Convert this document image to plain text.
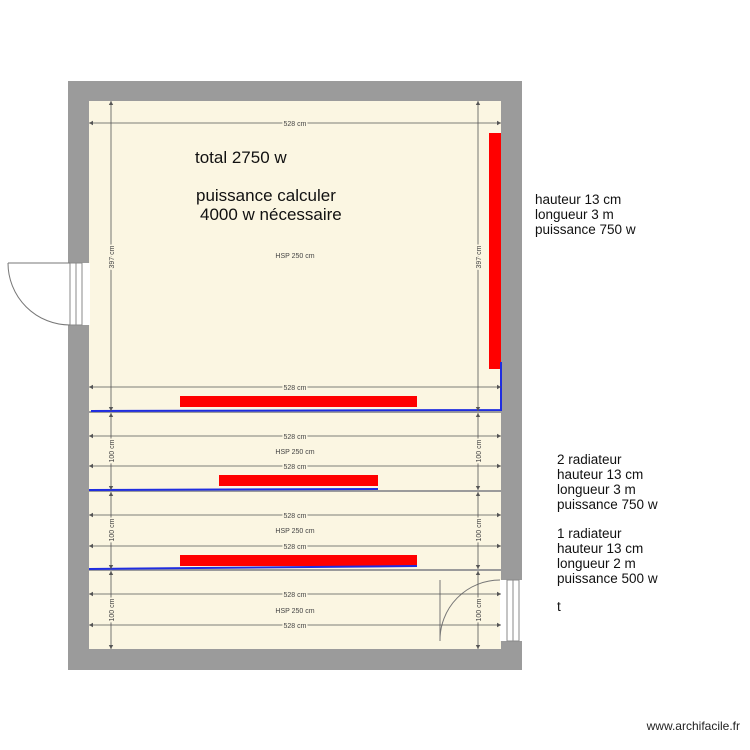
528 cm
528 cm
HSP 250 cm
397 cm	397 cm
528 cm
HSP 250 cm
528 cm
100 cm	100 cm
528 cm
HSP 250 cm
528 cm
100 cm	100 cm
528 cm
HSP 250 cm
528 cm
100 cm	100 cm
total 2750 w
puissance calculer
4000 w nécessaire
hauteur 13 cm
longueur 3 m
puissance 750 w
2 radiateur
hauteur 13 cm
longueur 3 m
puissance 750 w
1 radiateur
hauteur 13 cm
longueur 2 m
puissance 500 w
t
www.archifacile.fr
